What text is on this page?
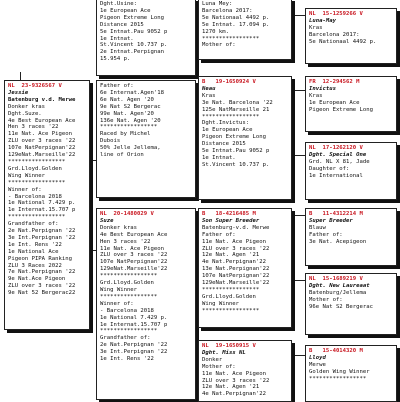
Dght.Usine:
1e European Ace
Pigeon Extreme Long
Distance 2015
5e Intnat.Pau 9052 p
1e Intnat.
St.Vincent 10.737 p.
2e Intnat.Perpignan
15.954 p.
Luna Mey:
Barcelona 2017:
5e Nationaal 4492 p.
5e Intnat. 17.094 p.
1270 km.
*****************
Mother of:
NL  15-1259266 V
Luna-May
Kras
Barcelona 2017:
5e Nationaal 4492 p.
NL  23-9326567 V
Jessie
Batenburg v.d. Merwe
Donker kras
Dght.Suze.
4e Best European Ace
Hen 3 races '22
11e Nat. Ace Pigeon
ZLU over 3 races '22
107e NatPerpignan'22
129eNat.Marseille'22
*****************
Grd.Lloyd.Golden
Wing Winner
*****************
Winner of:
- Barcelona 2018
1e National 7.429 p.
1e Internat.15.707 p
*****************
Grandfather of:
2e Nat.Perpignan '22
3e Int.Perpignan '22
1e Int. Rens '22
1e National Ace
Pigeon PIPA Ranking
ZLU 3 Races 2022
7e Nat.Perpignan '22
9e Nat.Ace Pigeon
ZLU over 3 races '22
9e Nat 52 Bergerac22
Father of:
6e Internat.Agen'18
6e Nat. Agen '20
9e Nat S2 Bergerac
99e Nat. Agen'20
136e Nat. Agen '20
*****************
Raced by Michel
Dubois
50% Jelle Jellema,
line of Orion
B   19-1650924 V
Neau
Kras
3e Nat. Barcelona '22
125e NatMarseille 21
*****************
Dght.Invictus:
1e European Ace
Pigeon Extreme Long
Distance 2015
5e Intnat.Pau 9052 p
1e Intnat.
St.Vincent 10.737 p.
FR  12-294562 M
Invictus
Kras
1e European Ace
Pigeon Extreme Long
NL  17-1262120 V
Dght. Special One
Grd. NL X 81, Jade
Daughter of:
1e International
NL  20-1480029 V
Suze
Donker kras
4e Best European Ace
Hen 3 races '22
11e Nat. Ace Pigeon
ZLU over 3 races '22
107e NatPerpignan'22
129eNat.Marseille'22
*****************
Grd.Lloyd.Golden
Wing Winner
*****************
Winner of:
- Barcelona 2018
1e National 7.429 p.
1e Internat.15.707 p
*****************
Grandfather of:
2e Nat.Perpignan '22
3e Int.Perpignan '22
1e Int. Rens '22
B   18-4216485 M
Son Super Breeder
Batenburg-v.d. Merwe
Father of:
11e Nat. Ace Pigeon
ZLU over 3 races '22
12e Nat. Agen '21
4e Nat.Perpignan'22
13e Nat.Perpignan'22
107e NatPerpignan'22
129eNat.Marseille'22
*****************
Grd.Lloyd.Golden
Wing Winner
*****************
B   11-4312214 M
Super Breeder
Blauw
Father of:
3e Nat. Acepigeon
NL  15-1689219 V
Dght. New Laureaat
Batenburg/Jellema
Mother of:
96e Nat S2 Bergerac
NL  19-1650915 V
Dght. Miss NL
Donker
Mother of:
11e Nat. Ace Pigeon
ZLU over 3 races '22
12e Nat. Agen '21
4e Nat.Perpignan'22
B   15-4014320 M
Lloyd
Merwe
Golden Wing Winner
*****************
